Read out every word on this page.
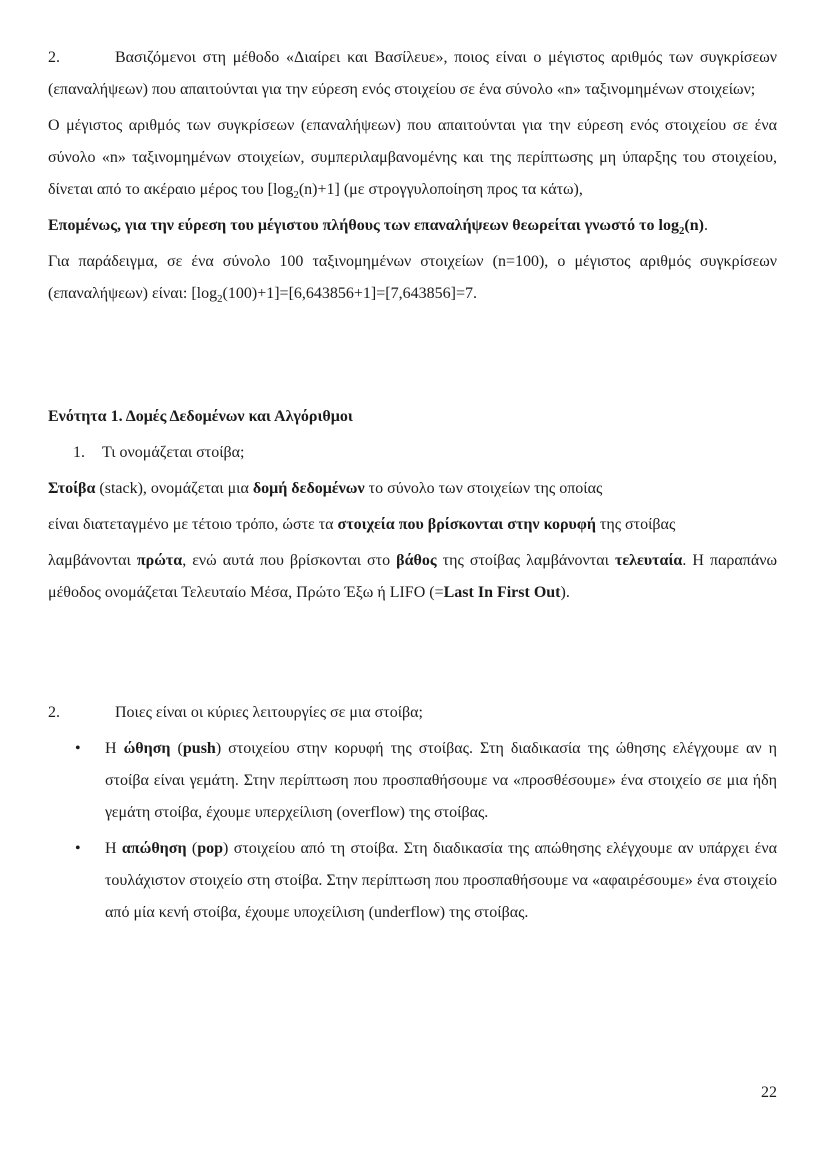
2.	Βασιζόμενοι στη μέθοδο «Διαίρει και Βασίλευε», ποιος είναι ο μέγιστος αριθμός των συγκρίσεων (επαναλήψεων) που απαιτούνται για την εύρεση ενός στοιχείου σε ένα σύνολο «n» ταξινομημένων στοιχείων;

Ο μέγιστος αριθμός των συγκρίσεων (επαναλήψεων) που απαιτούνται για την εύρεση ενός στοιχείου σε ένα σύνολο «n» ταξινομημένων στοιχείων, συμπεριλαμβανομένης και της περίπτωσης μη ύπαρξης του στοιχείου, δίνεται από το ακέραιο μέρος του $[\log_2(n)+1]$ (με στρογγυλοποίηση προς τα κάτω),

Επομένως, για την εύρεση του μέγιστου πλήθους των επαναλήψεων θεωρείται γνωστό το $\log_2(n)$.

Για παράδειγμα, σε ένα σύνολο 100 ταξινομημένων στοιχείων (n=100), ο μέγιστος αριθμός συγκρίσεων (επαναλήψεων) είναι: $[\log_2(100)+1]=[6,643856+1]=[7,643856]=7$.

Ενότητα 1. Δομές Δεδομένων και Αλγόριθμοι

1. Τι ονομάζεται στοίβα;

Στοίβα (stack), ονομάζεται μια δομή δεδομένων το σύνολο των στοιχείων της οποίας

είναι διατεταγμένο με τέτοιο τρόπο, ώστε τα στοιχεία που βρίσκονται στην κορυφή της στοίβας

λαμβάνονται πρώτα, ενώ αυτά που βρίσκονται στο βάθος της στοίβας λαμβάνονται τελευταία. Η παραπάνω μέθοδος ονομάζεται Τελευταίο Μέσα, Πρώτο Έξω ή LIFO (=Last In First Out).

2.	Ποιες είναι οι κύριες λειτουργίες σε μια στοίβα;

• Η ώθηση (push) στοιχείου στην κορυφή της στοίβας. Στη διαδικασία της ώθησης ελέγχουμε αν η στοίβα είναι γεμάτη. Στην περίπτωση που προσπαθήσουμε να «προσθέσουμε» ένα στοιχείο σε μια ήδη γεμάτη στοίβα, έχουμε υπερχείλιση (overflow) της στοίβας.
• Η απώθηση (pop) στοιχείου από τη στοίβα. Στη διαδικασία της απώθησης ελέγχουμε αν υπάρχει ένα τουλάχιστον στοιχείο στη στοίβα. Στην περίπτωση που προσπαθήσουμε να «αφαιρέσουμε» ένα στοιχείο από μία κενή στοίβα, έχουμε υποχείλιση (underflow) της στοίβας.
22
